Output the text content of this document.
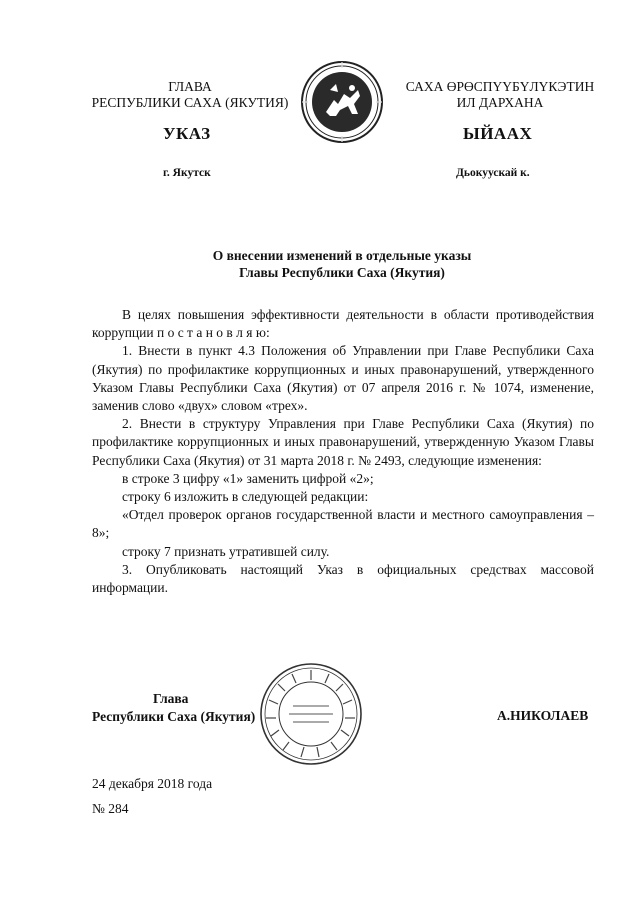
ГЛАВА
РЕСПУБЛИКИ САХА (ЯКУТИЯ)
САХА ӨРӨСПҮҮБҮЛҮКЭТИН
ИЛ ДАРХАНА
УКАЗ	ЫЙААХ
г. Якутск	Дьокуускай к.
О внесении изменений в отдельные указы
Главы Республики Саха (Якутия)

В целях повышения эффективности деятельности в области противодействия коррупции п о с т а н о в л я ю:

1. Внести в пункт 4.3 Положения об Управлении при Главе Республики Саха (Якутия) по профилактике коррупционных и иных правонарушений, утвержденного Указом Главы Республики Саха (Якутия) от 07 апреля 2016 г. № 1074, изменение, заменив слово «двух» словом «трех».

2. Внести в структуру Управления при Главе Республики Саха (Якутия) по профилактике коррупционных и иных правонарушений, утвержденную Указом Главы Республики Саха (Якутия) от 31 марта 2018 г. № 2493, следующие изменения:

в строке 3 цифру «1» заменить цифрой «2»;

строку 6 изложить в следующей редакции:

«Отдел проверок органов государственной власти и местного самоуправления – 8»;

строку 7 признать утратившей силу.

3. Опубликовать настоящий Указ в официальных средствах массовой информации.

Глава
Республики Саха (Якутия)	А.НИКОЛАЕВ
24 декабря 2018 года
№ 284
